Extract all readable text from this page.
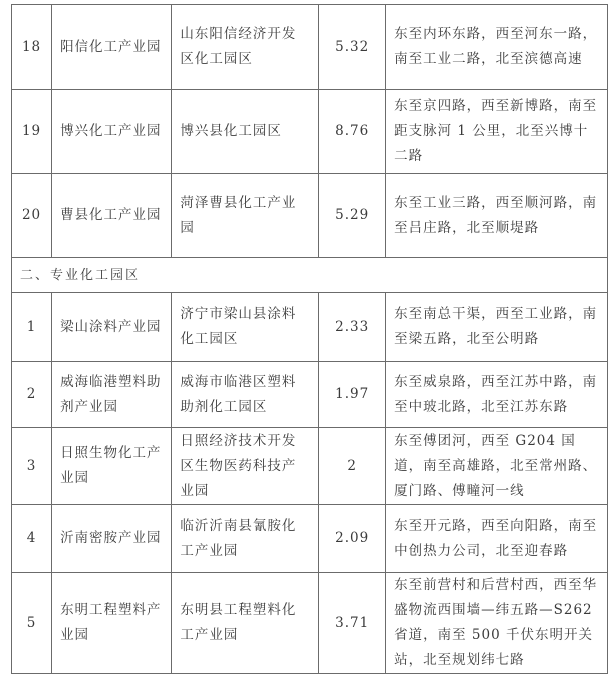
18	阳信化工产业园	山东阳信经济开发区化工园区	5.32	东至内环东路，西至河东一路，南至工业二路，北至滨德高速
19	博兴化工产业园	博兴县化工园区	8.76	东至京四路，西至新博路，南至距支脉河 1 公里，北至兴博十二路
20	曹县化工产业园	菏泽曹县化工产业园	5.29	东至工业三路，西至顺河路，南至吕庄路，北至顺堤路
二、专业化工园区				
1	梁山涂料产业园	济宁市梁山县涂料化工园区	2.33	东至南总干渠，西至工业路，南至梁五路，北至公明路
2	威海临港塑料助剂产业园	威海市临港区塑料助剂化工园区	1.97	东至威泉路，西至江苏中路，南至中玻北路，北至江苏东路
3	日照生物化工产业园	日照经济技术开发区生物医药科技产业园	2	东至傅团河，西至 G204 国道，南至高雄路，北至常州路、厦门路、傅疃河一线
4	沂南密胺产业园	临沂沂南县氰胺化工产业园	2.09	东至开元路，西至向阳路，南至中创热力公司，北至迎春路
5	东明工程塑料产业园	东明县工程塑料化工产业园	3.71	东至前营村和后营村西，西至华盛物流西围墙—纬五路—S262 省道，南至 500 千伏东明开关站，北至规划纬七路
